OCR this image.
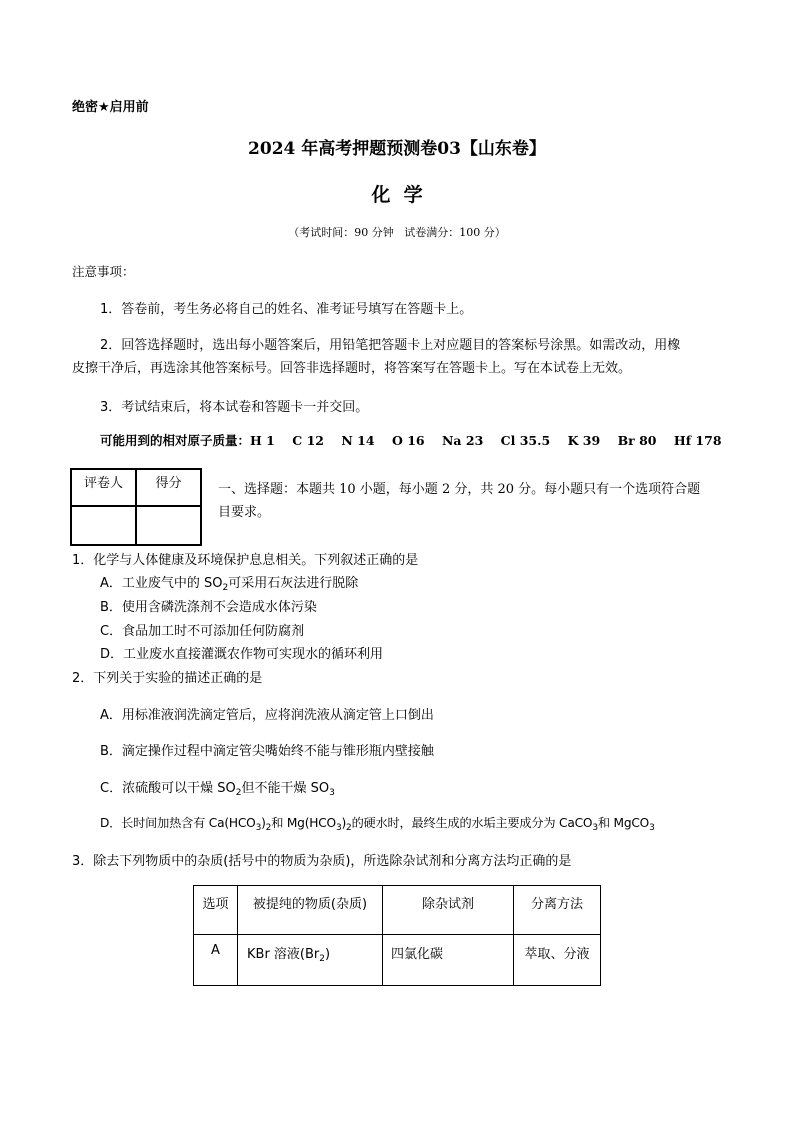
绝密★启用前
2024 年高考押题预测卷03【山东卷】
化  学
（考试时间：90 分钟   试卷满分：100 分）
注意事项：
1．答卷前，考生务必将自己的姓名、准考证号填写在答题卡上。
2．回答选择题时，选出每小题答案后，用铅笔把答题卡上对应题目的答案标号涂黑。如需改动，用橡
皮擦干净后，再选涂其他答案标号。回答非选择题时，将答案写在答题卡上。写在本试卷上无效。
3．考试结束后，将本试卷和答题卡一并交回。
可能用到的相对原子质量：H 1    C 12    N 14    O 16    Na 23    Cl 35.5    K 39    Br 80    Hf 178
评卷人	得分	一、选择题：本题共 10 小题，每小题 2 分，共 20 分。每小题只有一个选项符合题
目要求。
1．化学与人体健康及环境保护息息相关。下列叙述正确的是
A．工业废气中的 $SO_2$可采用石灰法进行脱除
B．使用含磷洗涤剂不会造成水体污染
C．食品加工时不可添加任何防腐剂
D．工业废水直接灌溉农作物可实现水的循环利用
2．下列关于实验的描述正确的是
A．用标准液润洗滴定管后，应将润洗液从滴定管上口倒出
B．滴定操作过程中滴定管尖嘴始终不能与锥形瓶内壁接触
C．浓硫酸可以干燥 $SO_2$但不能干燥 $SO_3$
D．长时间加热含有 $Ca(HCO_3)_2$和 $Mg(HCO_3)_2$的硬水时，最终生成的水垢主要成分为 CaCO$_3$和 MgCO$_3$
3．除去下列物质中的杂质(括号中的物质为杂质)，所选除杂试剂和分离方法均正确的是
选项	被提纯的物质(杂质)	除杂试剂	分离方法
A	KBr 溶液$(Br_2)$	四氯化碳	萃取、分液
